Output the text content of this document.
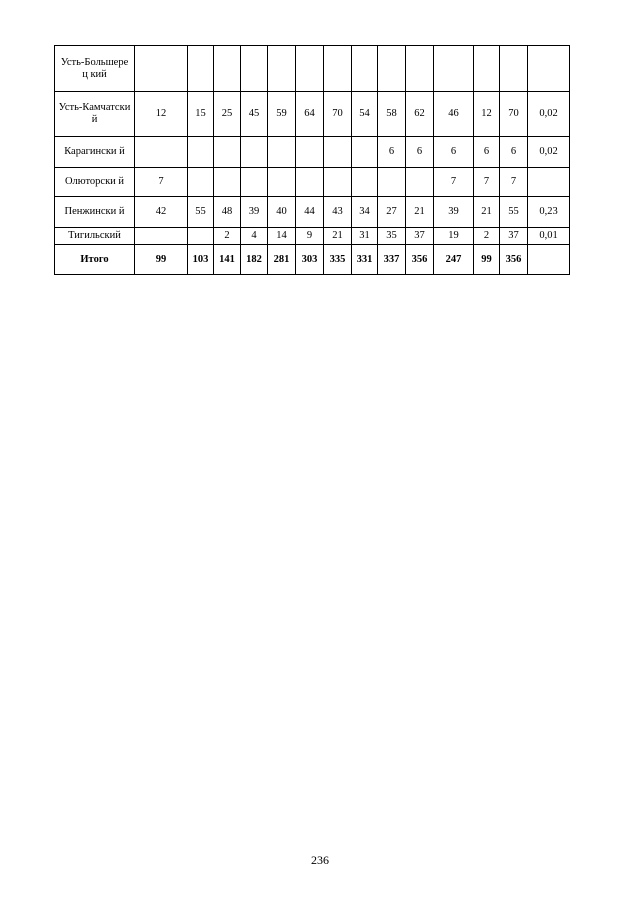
Усть-Большерец кий														
Усть-Камчатски й	12	15	25	45	59	64	70	54	58	62	46	12	70	0,02
Карагински й									6	6	6	6	6	0,02
Олюторски й	7										7	7	7	
Пенжински й	42	55	48	39	40	44	43	34	27	21	39	21	55	0,23
Тигильский			2	4	14	9	21	31	35	37	19	2	37	0,01
Итого	99	103	141	182	281	303	335	331	337	356	247	99	356	
236
